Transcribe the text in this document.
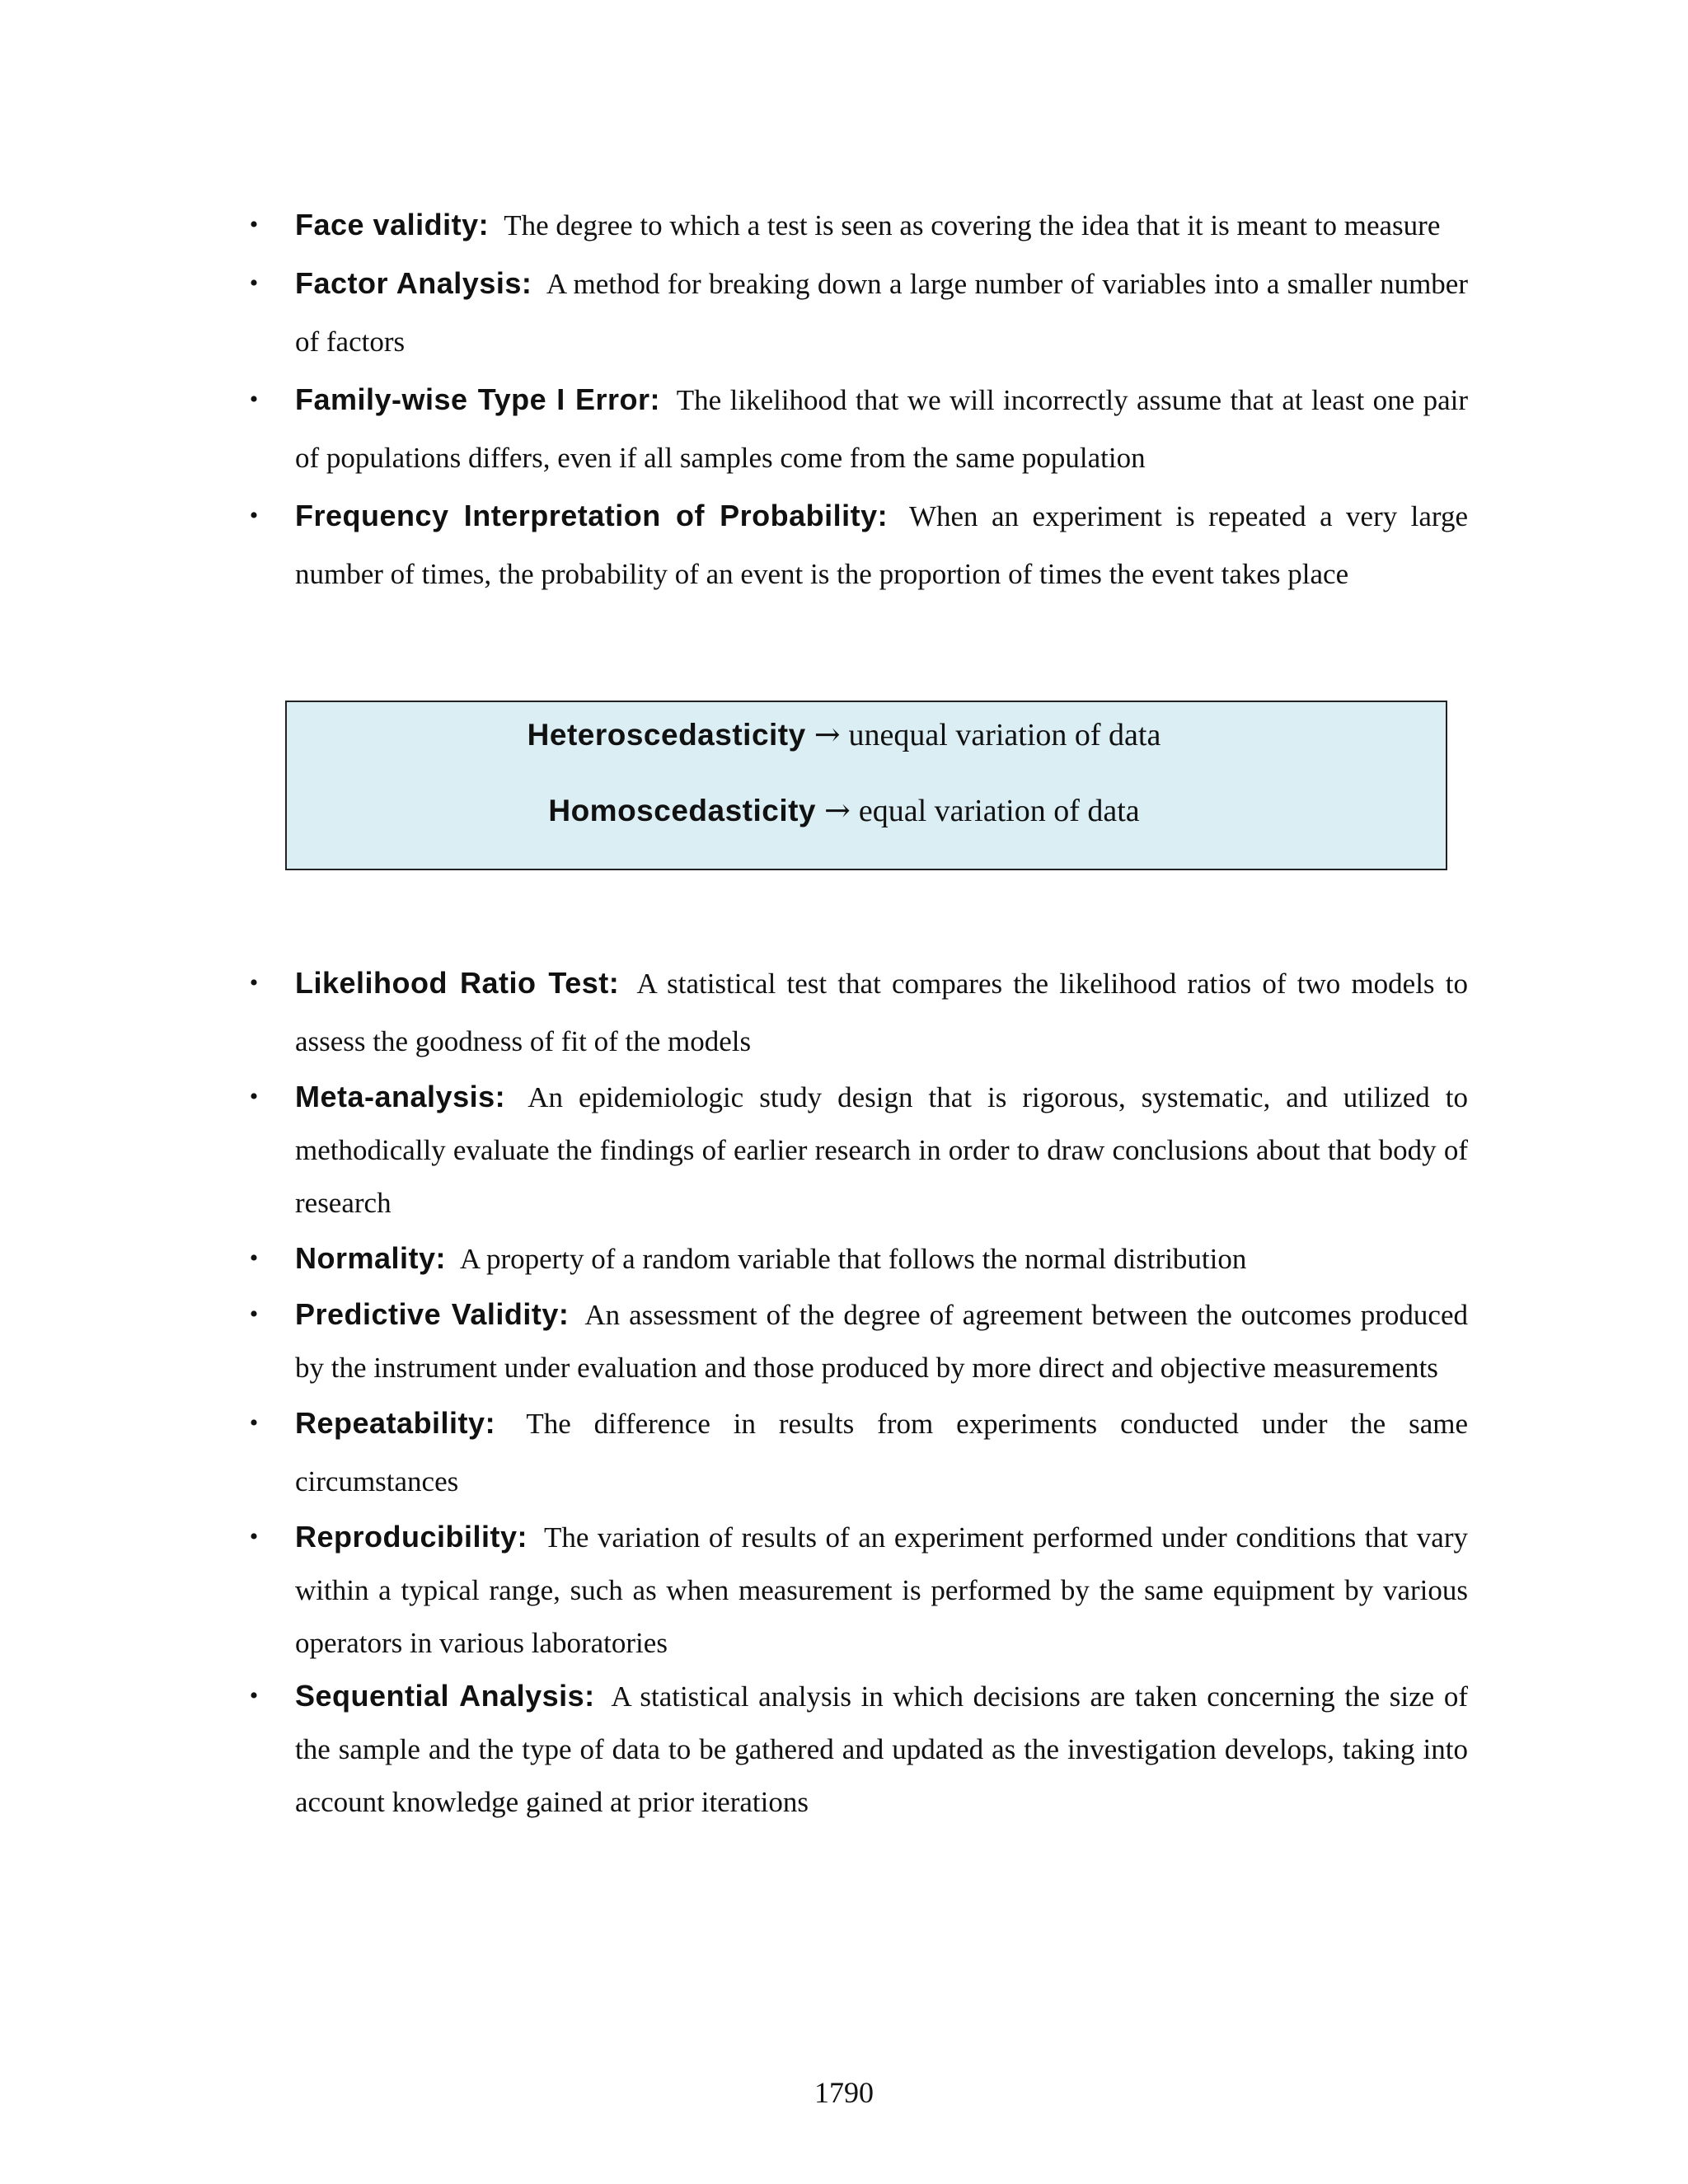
• Face validity: The degree to which a test is seen as covering the idea that it is meant to measure
• Factor Analysis: A method for breaking down a large number of variables into a smaller number of factors
• Family-wise Type I Error: The likelihood that we will incorrectly assume that at least one pair of populations differs, even if all samples come from the same population
• Frequency Interpretation of Probability: When an experiment is repeated a very large number of times, the probability of an event is the proportion of times the event takes place
Heteroscedasticity → unequal variation of data
Homoscedasticity → equal variation of data
• Likelihood Ratio Test: A statistical test that compares the likelihood ratios of two models to assess the goodness of fit of the models
• Meta-analysis: An epidemiologic study design that is rigorous, systematic, and utilized to methodically evaluate the findings of earlier research in order to draw conclusions about that body of research
• Normality: A property of a random variable that follows the normal distribution
• Predictive Validity: An assessment of the degree of agreement between the outcomes produced by the instrument under evaluation and those produced by more direct and objective measurements
• Repeatability: The difference in results from experiments conducted under the same circumstances
• Reproducibility: The variation of results of an experiment performed under conditions that vary within a typical range, such as when measurement is performed by the same equipment by various operators in various laboratories
• Sequential Analysis: A statistical analysis in which decisions are taken concerning the size of the sample and the type of data to be gathered and updated as the investigation develops, taking into account knowledge gained at prior iterations
1790
